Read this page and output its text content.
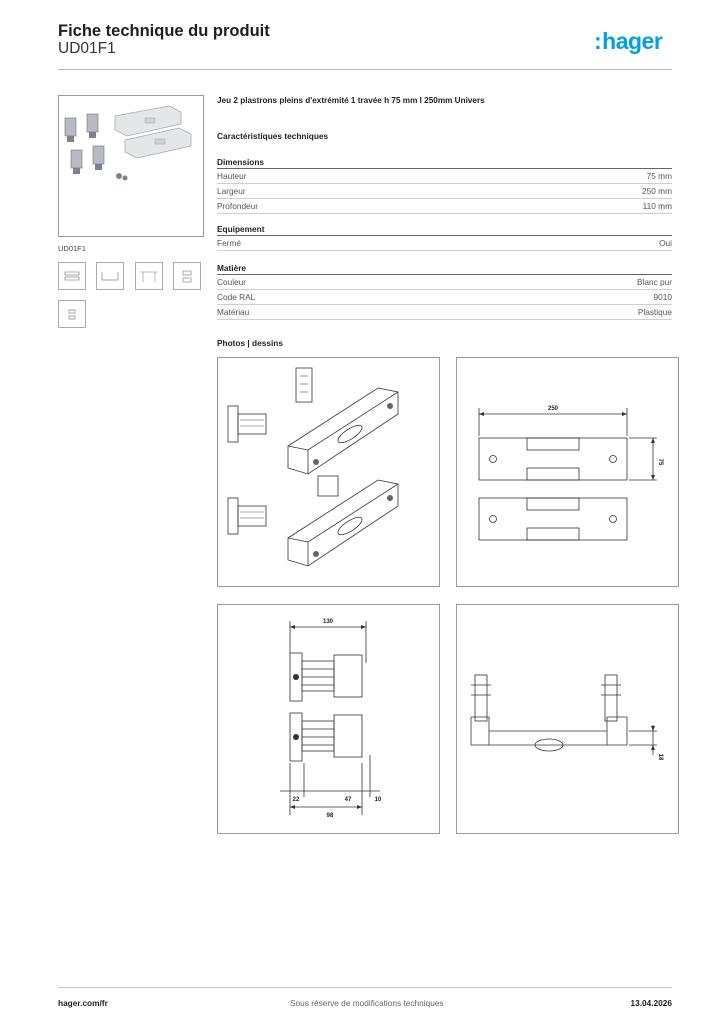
Fiche technique du produit
UD01F1	:hager
UD01F1
Jeu 2 plastrons pleins d'extrémité 1 travée h 75 mm l 250mm Univers
Caractéristiques techniques
Dimensions
Hauteur	75 mm
Largeur	250 mm
Profondeur	110 mm
Equipement
Fermé	Oui
Matière
Couleur	Blanc pur
Code RAL	9010
Matériau	Plastique
Photos | dessins
250
75
130
22	47	10
98
18
hager.com/fr	Sous réserve de modifications techniques	13.04.2026
